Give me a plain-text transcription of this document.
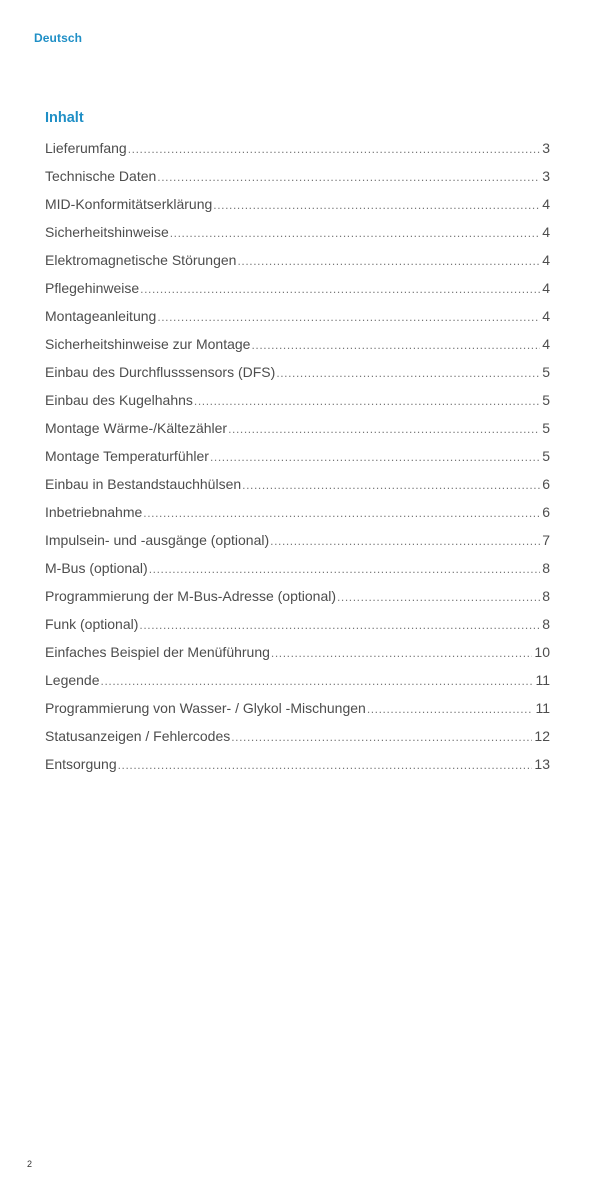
Deutsch
Inhalt
Lieferumfang .....	3
Technische Daten .....	3
MID-Konformitätserklärung .....	4
Sicherheitshinweise .....	4
Elektromagnetische Störungen .....	4
Pflegehinweise .....	4
Montageanleitung .....	4
Sicherheitshinweise zur Montage .....	4
Einbau des Durchflusssensors (DFS) .....	5
Einbau des Kugelhahns .....	5
Montage Wärme-/Kältezähler .....	5
Montage Temperaturfühler .....	5
Einbau in Bestandstauchhülsen .....	6
Inbetriebnahme .....	6
Impulsein- und -ausgänge (optional) .....	7
M-Bus (optional) .....	8
Programmierung der M-Bus-Adresse (optional) .....	8
Funk (optional) .....	8
Einfaches Beispiel der Menüführung .....	10
Legende .....	11
Programmierung von Wasser- / Glykol -Mischungen .....	11
Statusanzeigen / Fehlercodes .....	12
Entsorgung .....	13
2
